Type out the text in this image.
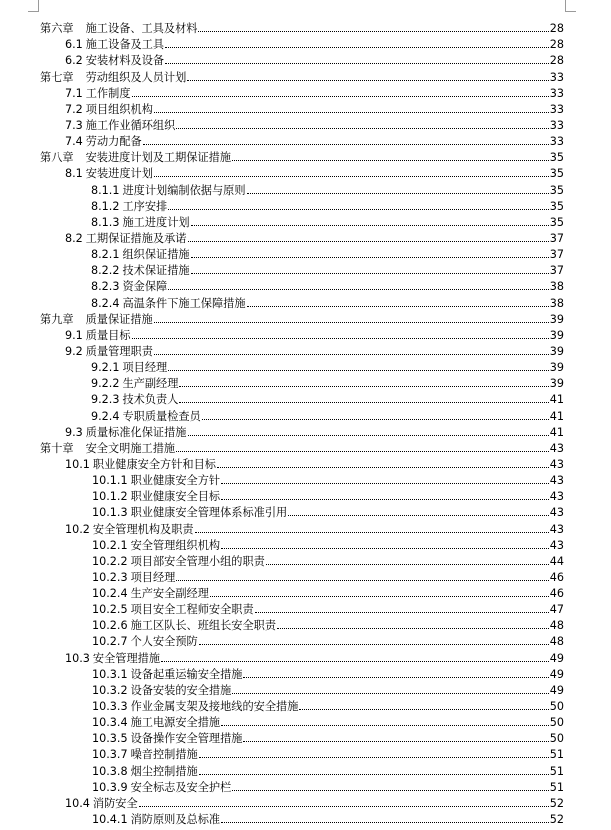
第六章 施工设备、工具及材料	28
6.1 施工设备及工具	28
6.2 安装材料及设备	28
第七章 劳动组织及人员计划	33
7.1 工作制度	33
7.2 项目组织机构	33
7.3 施工作业循环组织	33
7.4 劳动力配备	33
第八章 安装进度计划及工期保证措施	35
8.1 安装进度计划	35
8.1.1 进度计划编制依据与原则	35
8.1.2 工序安排	35
8.1.3 施工进度计划	35
8.2 工期保证措施及承诺	37
8.2.1 组织保证措施	37
8.2.2 技术保证措施	37
8.2.3 资金保障	38
8.2.4 高温条件下施工保障措施	38
第九章 质量保证措施	39
9.1 质量目标	39
9.2 质量管理职责	39
9.2.1 项目经理	39
9.2.2 生产副经理	39
9.2.3 技术负责人	41
9.2.4 专职质量检查员	41
9.3 质量标准化保证措施	41
第十章 安全文明施工措施	43
10.1 职业健康安全方针和目标	43
10.1.1 职业健康安全方针	43
10.1.2 职业健康安全目标	43
10.1.3 职业健康安全管理体系标准引用	43
10.2 安全管理机构及职责	43
10.2.1 安全管理组织机构	43
10.2.2 项目部安全管理小组的职责	44
10.2.3 项目经理	46
10.2.4 生产安全副经理	46
10.2.5 项目安全工程师安全职责	47
10.2.6 施工区队长、班组长安全职责	48
10.2.7 个人安全预防	48
10.3 安全管理措施	49
10.3.1 设备起重运输安全措施	49
10.3.2 设备安装的安全措施	49
10.3.3 作业金属支架及接地线的安全措施	50
10.3.4 施工电源安全措施	50
10.3.5 设备操作安全管理措施	50
10.3.7 噪音控制措施	51
10.3.8 烟尘控制措施	51
10.3.9 安全标志及安全护栏	51
10.4 消防安全	52
10.4.1 消防原则及总标准	52
